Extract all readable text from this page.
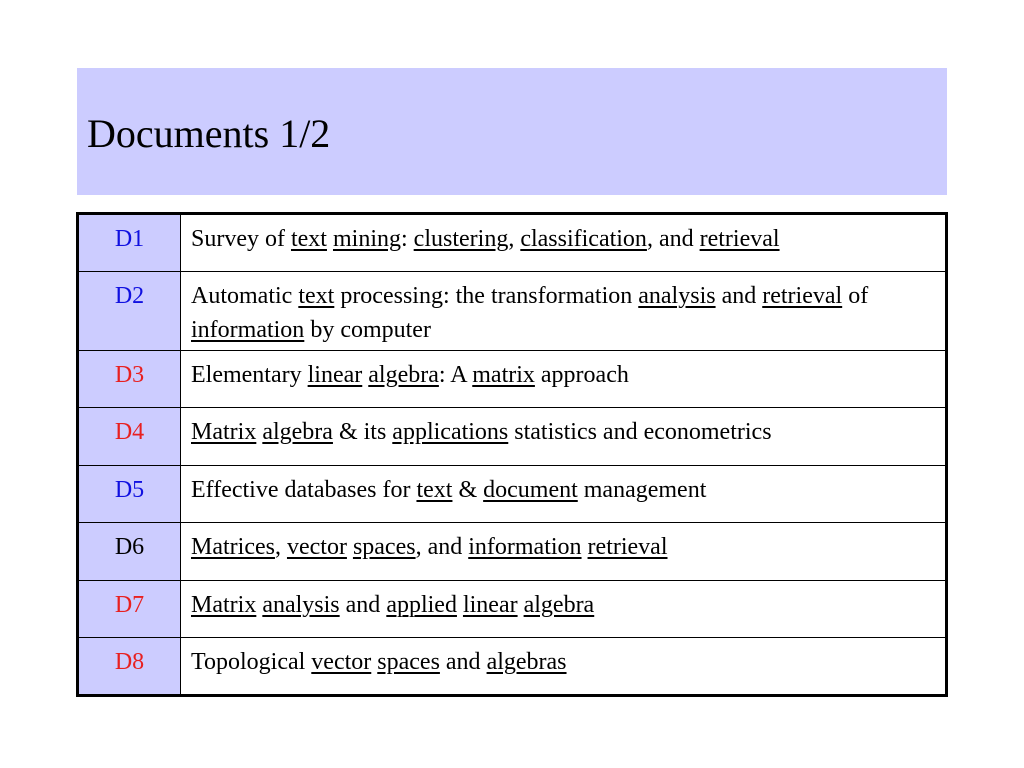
Documents 1/2
D1	Survey of text mining: clustering, classification, and retrieval
D2	Automatic text processing: the transformation analysis and retrieval of information by computer
D3	Elementary linear algebra: A matrix approach
D4	Matrix algebra & its applications statistics and econometrics
D5	Effective databases for text & document management
D6	Matrices, vector spaces, and information retrieval
D7	Matrix analysis and applied linear algebra
D8	Topological vector spaces and algebras
